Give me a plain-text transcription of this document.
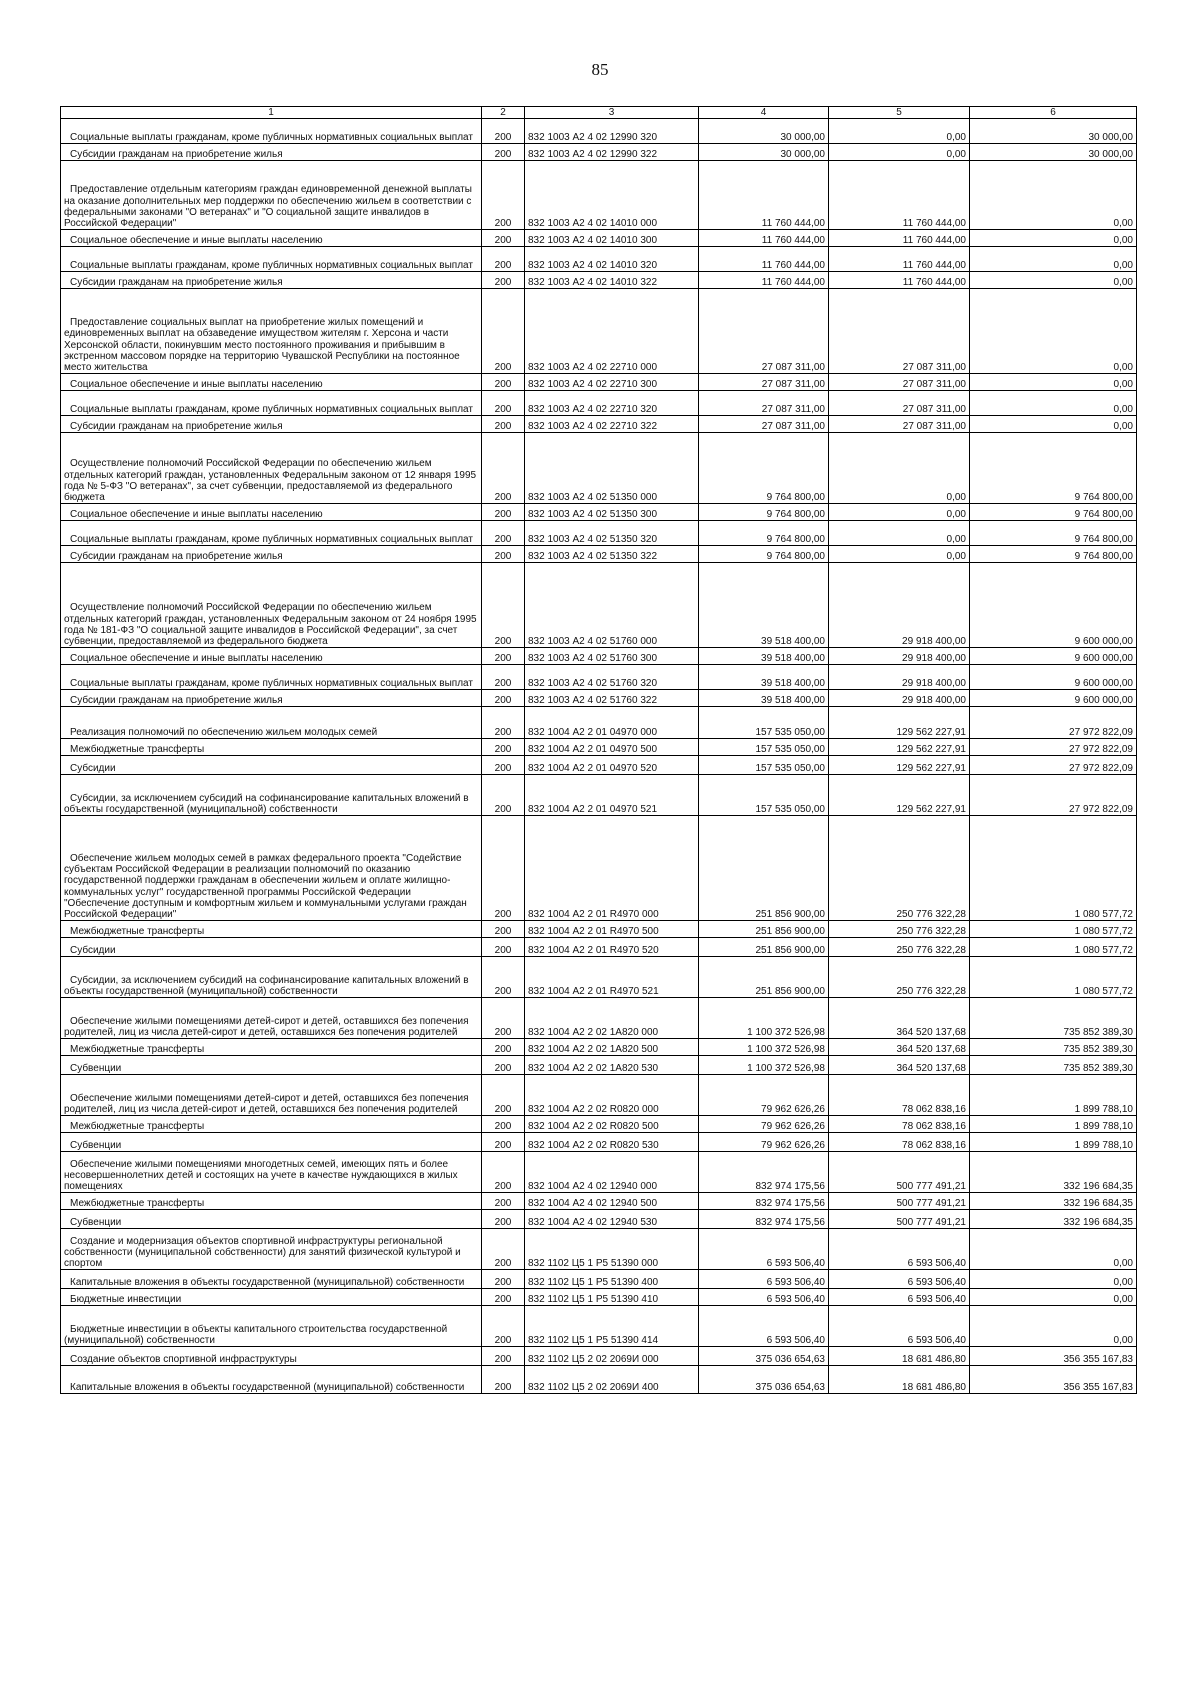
85
1	2	3	4	5	6

Социальные выплаты гражданам, кроме публичных нормативных социальных выплат	200	832 1003 А2 4 02 12990 320	30 000,00	0,00	30 000,00

Субсидии гражданам на приобретение жилья	200	832 1003 А2 4 02 12990 322	30 000,00	0,00	30 000,00

Предоставление отдельным категориям граждан единовременной денежной выплаты на оказание дополнительных мер поддержки по обеспечению жильем в соответствии с федеральными законами "О ветеранах" и "О социальной защите инвалидов в Российской Федерации"	200	832 1003 А2 4 02 14010 000	11 760 444,00	11 760 444,00	0,00

Социальное обеспечение и иные выплаты населению	200	832 1003 А2 4 02 14010 300	11 760 444,00	11 760 444,00	0,00

Социальные выплаты гражданам, кроме публичных нормативных социальных выплат	200	832 1003 А2 4 02 14010 320	11 760 444,00	11 760 444,00	0,00

Субсидии гражданам на приобретение жилья	200	832 1003 А2 4 02 14010 322	11 760 444,00	11 760 444,00	0,00

Предоставление социальных выплат на приобретение жилых помещений и единовременных выплат на обзаведение имуществом жителям г. Херсона и части Херсонской области, покинувшим место постоянного проживания и прибывшим в экстренном массовом порядке на территорию Чувашской Республики на постоянное место жительства	200	832 1003 А2 4 02 22710 000	27 087 311,00	27 087 311,00	0,00

Социальное обеспечение и иные выплаты населению	200	832 1003 А2 4 02 22710 300	27 087 311,00	27 087 311,00	0,00

Социальные выплаты гражданам, кроме публичных нормативных социальных выплат	200	832 1003 А2 4 02 22710 320	27 087 311,00	27 087 311,00	0,00

Субсидии гражданам на приобретение жилья	200	832 1003 А2 4 02 22710 322	27 087 311,00	27 087 311,00	0,00

Осуществление полномочий Российской Федерации по обеспечению жильем отдельных категорий граждан, установленных Федеральным законом от 12 января 1995 года № 5-ФЗ "О ветеранах", за счет субвенции, предоставляемой из федерального бюджета	200	832 1003 А2 4 02 51350 000	9 764 800,00	0,00	9 764 800,00

Социальное обеспечение и иные выплаты населению	200	832 1003 А2 4 02 51350 300	9 764 800,00	0,00	9 764 800,00

Социальные выплаты гражданам, кроме публичных нормативных социальных выплат	200	832 1003 А2 4 02 51350 320	9 764 800,00	0,00	9 764 800,00

Субсидии гражданам на приобретение жилья	200	832 1003 А2 4 02 51350 322	9 764 800,00	0,00	9 764 800,00

Осуществление полномочий Российской Федерации по обеспечению жильем отдельных категорий граждан, установленных Федеральным законом от 24 ноября 1995 года № 181-ФЗ "О социальной защите инвалидов в Российской Федерации", за счет субвенции, предоставляемой из федерального бюджета	200	832 1003 А2 4 02 51760 000	39 518 400,00	29 918 400,00	9 600 000,00

Социальное обеспечение и иные выплаты населению	200	832 1003 А2 4 02 51760 300	39 518 400,00	29 918 400,00	9 600 000,00

Социальные выплаты гражданам, кроме публичных нормативных социальных выплат	200	832 1003 А2 4 02 51760 320	39 518 400,00	29 918 400,00	9 600 000,00

Субсидии гражданам на приобретение жилья	200	832 1003 А2 4 02 51760 322	39 518 400,00	29 918 400,00	9 600 000,00

Реализация полномочий по обеспечению жильем молодых семей	200	832 1004 А2 2 01 04970 000	157 535 050,00	129 562 227,91	27 972 822,09

Межбюджетные трансферты	200	832 1004 А2 2 01 04970 500	157 535 050,00	129 562 227,91	27 972 822,09

Субсидии	200	832 1004 А2 2 01 04970 520	157 535 050,00	129 562 227,91	27 972 822,09

Субсидии, за исключением субсидий на софинансирование капитальных вложений в объекты государственной (муниципальной) собственности	200	832 1004 А2 2 01 04970 521	157 535 050,00	129 562 227,91	27 972 822,09

Обеспечение жильем молодых семей в рамках федерального проекта "Содействие субъектам Российской Федерации в реализации полномочий по оказанию государственной поддержки гражданам в обеспечении жильем и оплате жилищно-коммунальных услуг" государственной программы Российской Федерации "Обеспечение доступным и комфортным жильем и коммунальными услугами граждан Российской Федерации"	200	832 1004 А2 2 01 R4970 000	251 856 900,00	250 776 322,28	1 080 577,72

Межбюджетные трансферты	200	832 1004 А2 2 01 R4970 500	251 856 900,00	250 776 322,28	1 080 577,72

Субсидии	200	832 1004 А2 2 01 R4970 520	251 856 900,00	250 776 322,28	1 080 577,72

Субсидии, за исключением субсидий на софинансирование капитальных вложений в объекты государственной (муниципальной) собственности	200	832 1004 А2 2 01 R4970 521	251 856 900,00	250 776 322,28	1 080 577,72

Обеспечение жилыми помещениями детей-сирот и детей, оставшихся без попечения родителей, лиц из числа детей-сирот и детей, оставшихся без попечения родителей	200	832 1004 А2 2 02 1А820 000	1 100 372 526,98	364 520 137,68	735 852 389,30

Межбюджетные трансферты	200	832 1004 А2 2 02 1А820 500	1 100 372 526,98	364 520 137,68	735 852 389,30

Субвенции	200	832 1004 А2 2 02 1А820 530	1 100 372 526,98	364 520 137,68	735 852 389,30

Обеспечение жилыми помещениями детей-сирот и детей, оставшихся без попечения родителей, лиц из числа детей-сирот и детей, оставшихся без попечения родителей	200	832 1004 А2 2 02 R0820 000	79 962 626,26	78 062 838,16	1 899 788,10

Межбюджетные трансферты	200	832 1004 А2 2 02 R0820 500	79 962 626,26	78 062 838,16	1 899 788,10

Субвенции	200	832 1004 А2 2 02 R0820 530	79 962 626,26	78 062 838,16	1 899 788,10

Обеспечение жилыми помещениями многодетных семей, имеющих пять и более несовершеннолетних детей и состоящих на учете в качестве нуждающихся в жилых помещениях	200	832 1004 А2 4 02 12940 000	832 974 175,56	500 777 491,21	332 196 684,35

Межбюджетные трансферты	200	832 1004 А2 4 02 12940 500	832 974 175,56	500 777 491,21	332 196 684,35

Субвенции	200	832 1004 А2 4 02 12940 530	832 974 175,56	500 777 491,21	332 196 684,35

Создание и модернизация объектов спортивной инфраструктуры региональной собственности (муниципальной собственности) для занятий физической культурой и спортом	200	832 1102 Ц5 1 Р5 51390 000	6 593 506,40	6 593 506,40	0,00

Капитальные вложения в объекты государственной (муниципальной) собственности	200	832 1102 Ц5 1 Р5 51390 400	6 593 506,40	6 593 506,40	0,00

Бюджетные инвестиции	200	832 1102 Ц5 1 Р5 51390 410	6 593 506,40	6 593 506,40	0,00

Бюджетные инвестиции в объекты капитального строительства государственной (муниципальной) собственности	200	832 1102 Ц5 1 Р5 51390 414	6 593 506,40	6 593 506,40	0,00

Создание объектов спортивной инфраструктуры	200	832 1102 Ц5 2 02 2069И 000	375 036 654,63	18 681 486,80	356 355 167,83

Капитальные вложения в объекты государственной (муниципальной) собственности	200	832 1102 Ц5 2 02 2069И 400	375 036 654,63	18 681 486,80	356 355 167,83
